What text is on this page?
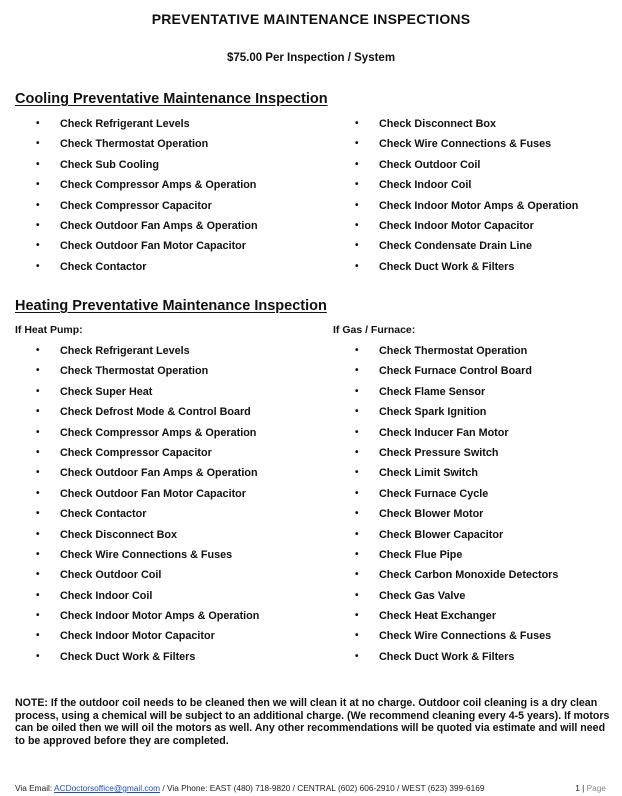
PREVENTATIVE MAINTENANCE INSPECTIONS
$75.00 Per Inspection / System
Cooling Preventative Maintenance Inspection
• Check Refrigerant Levels
• Check Thermostat Operation
• Check Sub Cooling
• Check Compressor Amps & Operation
• Check Compressor Capacitor
• Check Outdoor Fan Amps & Operation
• Check Outdoor Fan Motor Capacitor
• Check Contactor
• Check Disconnect Box
• Check Wire Connections & Fuses
• Check Outdoor Coil
• Check Indoor Coil
• Check Indoor Motor Amps & Operation
• Check Indoor Motor Capacitor
• Check Condensate Drain Line
• Check Duct Work & Filters
Heating Preventative Maintenance Inspection
If Heat Pump:	If Gas / Furnace:
• Check Refrigerant Levels
• Check Thermostat Operation
• Check Super Heat
• Check Defrost Mode & Control Board
• Check Compressor Amps & Operation
• Check Compressor Capacitor
• Check Outdoor Fan Amps & Operation
• Check Outdoor Fan Motor Capacitor
• Check Contactor
• Check Disconnect Box
• Check Wire Connections & Fuses
• Check Outdoor Coil
• Check Indoor Coil
• Check Indoor Motor Amps & Operation
• Check Indoor Motor Capacitor
• Check Duct Work & Filters
• Check Thermostat Operation
• Check Furnace Control Board
• Check Flame Sensor
• Check Spark Ignition
• Check Inducer Fan Motor
• Check Pressure Switch
• Check Limit Switch
• Check Furnace Cycle
• Check Blower Motor
• Check Blower Capacitor
• Check Flue Pipe
• Check Carbon Monoxide Detectors
• Check Gas Valve
• Check Heat Exchanger
• Check Wire Connections & Fuses
• Check Duct Work & Filters
NOTE: If the outdoor coil needs to be cleaned then we will clean it at no charge. Outdoor coil cleaning is a dry clean process, using a chemical will be subject to an additional charge. (We recommend cleaning every 4-5 years). If motors can be oiled then we will oil the motors as well. Any other recommendations will be quoted via estimate and will need to be approved before they are completed.
Via Email: ACDoctorsoffice@gmail.com / Via Phone: EAST (480) 718-9820 / CENTRAL (602) 606-2910 / WEST (623) 399-6169	1 | Page
